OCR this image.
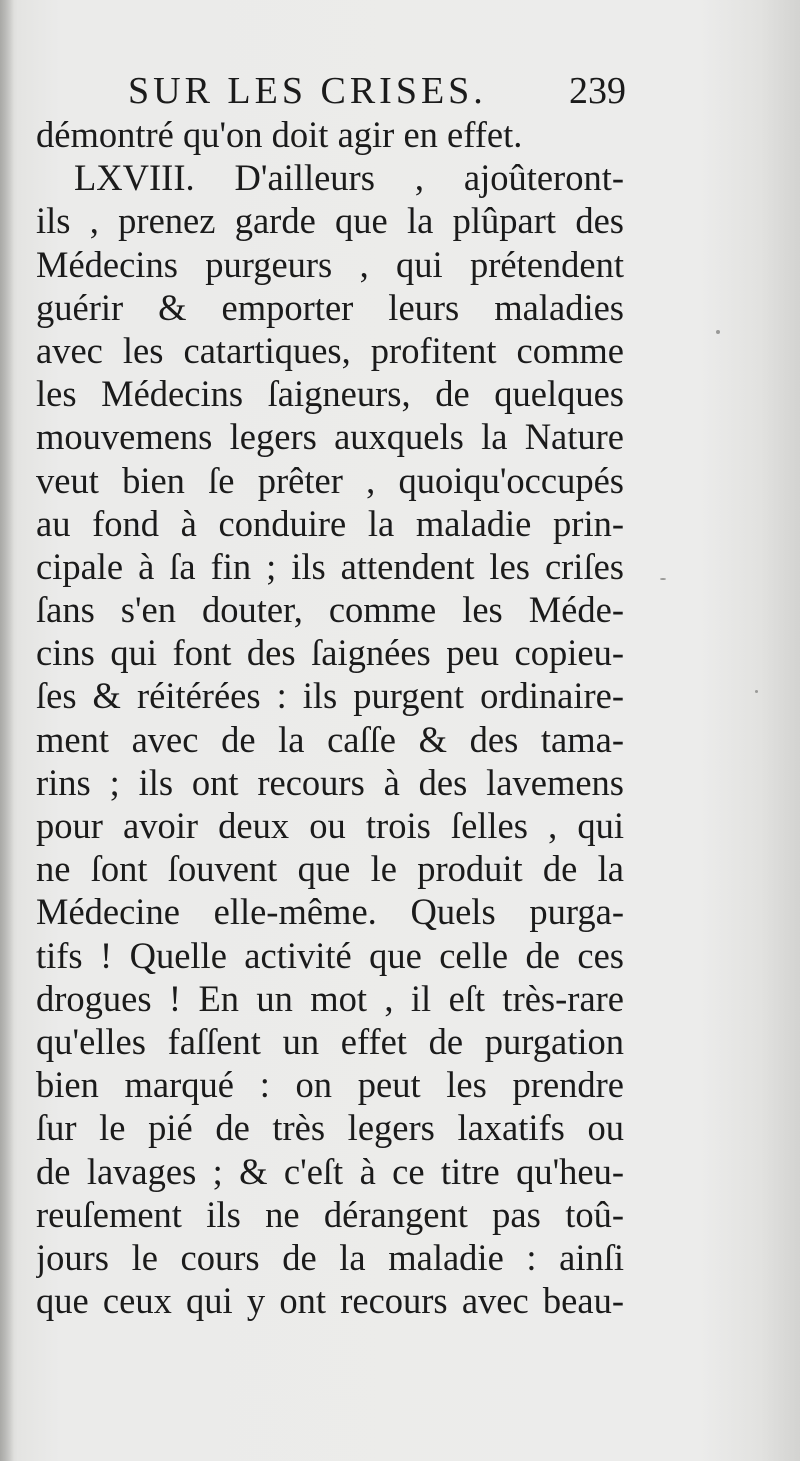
SUR LES CRISES. 239
démontré qu'on doit agir en effet.
LXVIII. D'ailleurs , ajoûteront-
ils , prenez garde que la plûpart des
Médecins purgeurs , qui prétendent
guérir & emporter leurs maladies
avec les catartiques, profitent comme
les Médecins ſaigneurs, de quelques
mouvemens legers auxquels la Nature
veut bien ſe prêter , quoiqu'occupés
au fond à conduire la maladie prin-
cipale à ſa fin ; ils attendent les criſes
ſans s'en douter, comme les Méde-
cins qui font des ſaignées peu copieu-
ſes & réitérées : ils purgent ordinaire-
ment avec de la caſſe & des tama-
rins ; ils ont recours à des lavemens
pour avoir deux ou trois ſelles , qui
ne ſont ſouvent que le produit de la
Médecine elle-même. Quels purga-
tifs ! Quelle activité que celle de ces
drogues ! En un mot , il eſt très-rare
qu'elles faſſent un effet de purgation
bien marqué : on peut les prendre
ſur le pié de très legers laxatifs ou
de lavages ; & c'eſt à ce titre qu'heu-
reuſement ils ne dérangent pas toû-
jours le cours de la maladie : ainſi
que ceux qui y ont recours avec beau-
